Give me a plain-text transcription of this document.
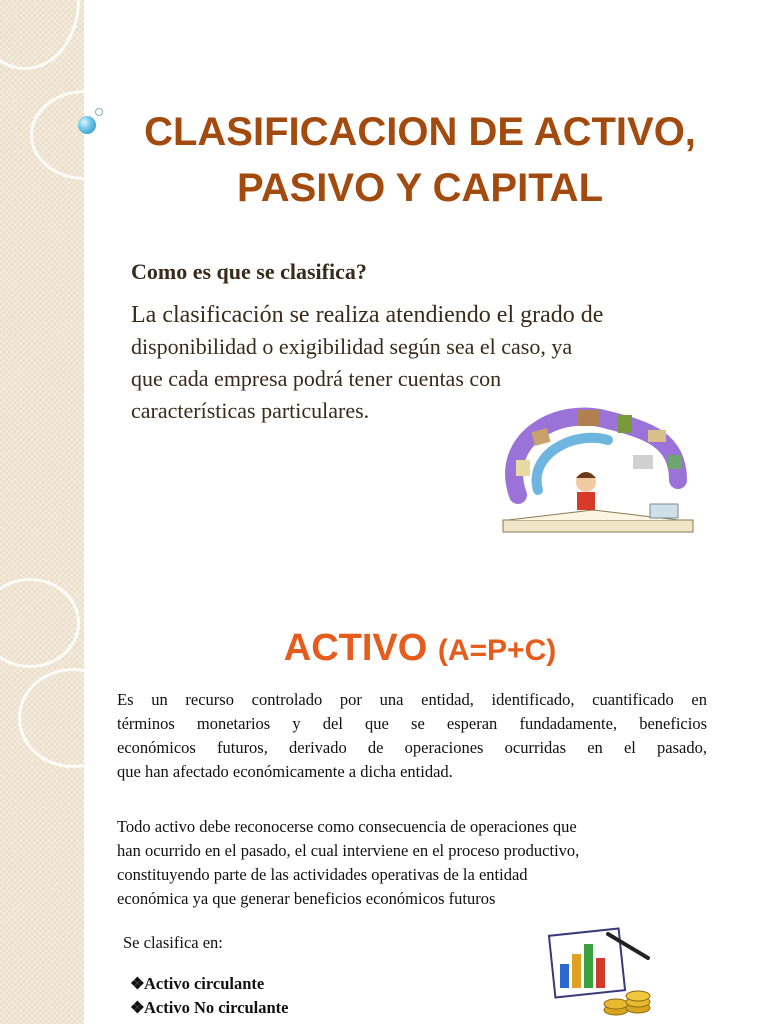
CLASIFICACION DE ACTIVO,
PASIVO Y CAPITAL

Como es que se clasifica?

La clasificación se realiza atendiendo el grado de
disponibilidad o exigibilidad según sea el caso, ya
que cada empresa podrá tener cuentas con
características particulares.

ACTIVO (A=P+C)

Es un recurso controlado por una entidad, identificado, cuantificado en
términos monetarios y del que se esperan fundadamente, beneficios
económicos futuros, derivado de operaciones ocurridas en el pasado,
que han afectado económicamente a dicha entidad.

Todo activo debe reconocerse como consecuencia de operaciones que
han ocurrido en el pasado, el cual interviene en el proceso productivo,
constituyendo parte de las actividades operativas de la entidad
económica ya que generar beneficios económicos futuros

Se clasifica en:

❖Activo circulante
❖Activo No circulante
